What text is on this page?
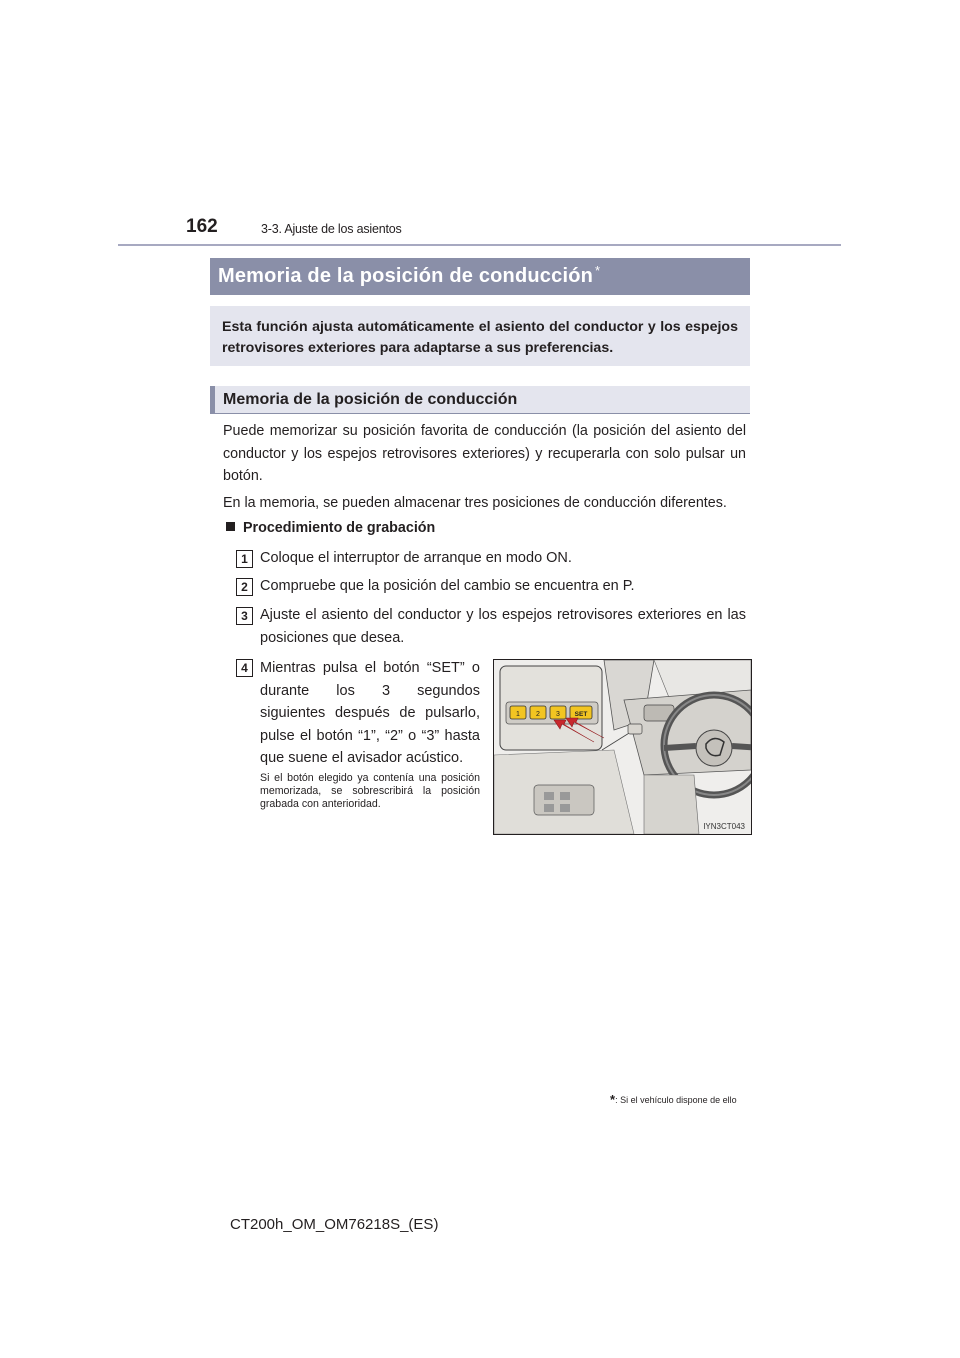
162	3-3. Ajuste de los asientos
Memoria de la posición de conducción *
Esta función ajusta automáticamente el asiento del conductor y los espejos retrovisores exteriores para adaptarse a sus preferencias.
Memoria de la posición de conducción
Puede memorizar su posición favorita de conducción (la posición del asiento del conductor y los espejos retrovisores exteriores) y recuperarla con solo pulsar un botón.
En la memoria, se pueden almacenar tres posiciones de conducción diferentes.
Procedimiento de grabación
1 Coloque el interruptor de arranque en modo ON.
2 Compruebe que la posición del cambio se encuentra en P.
3 Ajuste el asiento del conductor y los espejos retrovisores exteriores en las posiciones que desea.
4 Mientras pulsa el botón “SET” o durante los 3 segundos siguientes después de pulsarlo, pulse el botón “1”, “2” o “3” hasta que suene el avisador acústico.
Si el botón elegido ya contenía una posición memorizada, se sobrescribirá la posición grabada con anterioridad.
1 2 3 SET
IYN3CT043
*: Si el vehículo dispone de ello
CT200h_OM_OM76218S_(ES)
